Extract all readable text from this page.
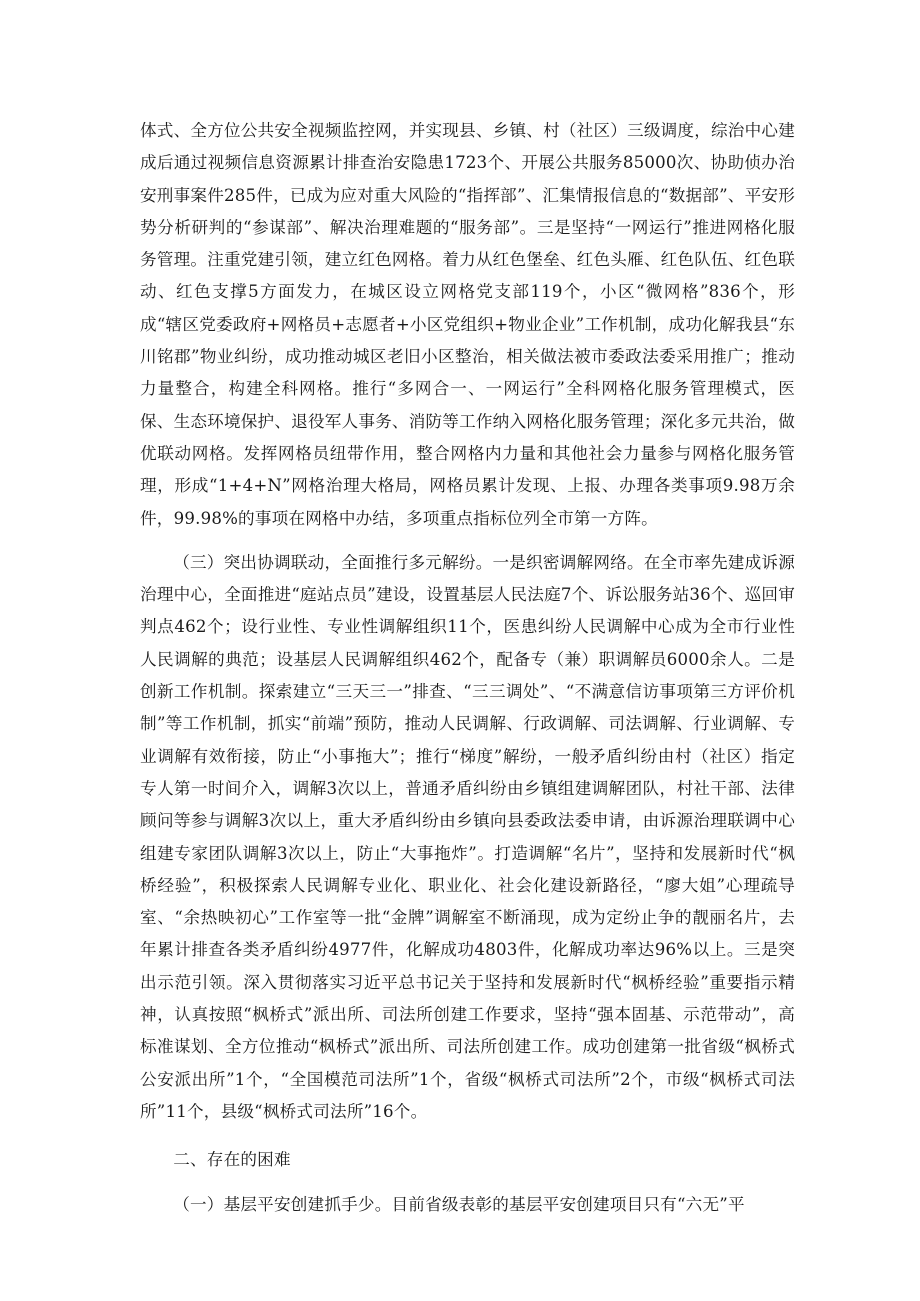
体式、全方位公共安全视频监控网，并实现县、乡镇、村（社区）三级调度，综治中心建成后通过视频信息资源累计排查治安隐患1723个、开展公共服务85000次、协助侦办治安刑事案件285件，已成为应对重大风险的“指挥部”、汇集情报信息的“数据部”、平安形势分析研判的“参谋部”、解决治理难题的“服务部”。三是坚持“一网运行”推进网格化服务管理。注重党建引领，建立红色网格。着力从红色堡垒、红色头雁、红色队伍、红色联动、红色支撑5方面发力，在城区设立网格党支部119个，小区“微网格”836个，形成“辖区党委政府+网格员+志愿者+小区党组织+物业企业”工作机制，成功化解我县“东川铭郡”物业纠纷，成功推动城区老旧小区整治，相关做法被市委政法委采用推广；推动力量整合，构建全科网格。推行“多网合一、一网运行”全科网格化服务管理模式，医保、生态环境保护、退役军人事务、消防等工作纳入网格化服务管理；深化多元共治，做优联动网格。发挥网格员纽带作用，整合网格内力量和其他社会力量参与网格化服务管理，形成“1+4+N”网格治理大格局，网格员累计发现、上报、办理各类事项9.98万余件，99.98%的事项在网格中办结，多项重点指标位列全市第一方阵。

（三）突出协调联动，全面推行多元解纷。一是织密调解网络。在全市率先建成诉源治理中心，全面推进“庭站点员”建设，设置基层人民法庭7个、诉讼服务站36个、巡回审判点462个；设行业性、专业性调解组织11个，医患纠纷人民调解中心成为全市行业性人民调解的典范；设基层人民调解组织462个，配备专（兼）职调解员6000余人。二是创新工作机制。探索建立“三天三一”排查、“三三调处”、“不满意信访事项第三方评价机制”等工作机制，抓实“前端”预防，推动人民调解、行政调解、司法调解、行业调解、专业调解有效衔接，防止“小事拖大”；推行“梯度”解纷，一般矛盾纠纷由村（社区）指定专人第一时间介入，调解3次以上，普通矛盾纠纷由乡镇组建调解团队，村社干部、法律顾问等参与调解3次以上，重大矛盾纠纷由乡镇向县委政法委申请，由诉源治理联调中心组建专家团队调解3次以上，防止“大事拖炸”。打造调解“名片”，坚持和发展新时代“枫桥经验”，积极探索人民调解专业化、职业化、社会化建设新路径，“廖大姐”心理疏导室、“余热映初心”工作室等一批“金牌”调解室不断涌现，成为定纷止争的靓丽名片，去年累计排查各类矛盾纠纷4977件，化解成功4803件，化解成功率达96%以上。三是突出示范引领。深入贯彻落实习近平总书记关于坚持和发展新时代“枫桥经验”重要指示精神，认真按照“枫桥式”派出所、司法所创建工作要求，坚持“强本固基、示范带动”，高标准谋划、全方位推动“枫桥式”派出所、司法所创建工作。成功创建第一批省级“枫桥式公安派出所”1个，“全国模范司法所”1个，省级“枫桥式司法所”2个，市级“枫桥式司法所”11个，县级“枫桥式司法所”16个。

二、存在的困难

（一）基层平安创建抓手少。目前省级表彰的基层平安创建项目只有“六无”平
